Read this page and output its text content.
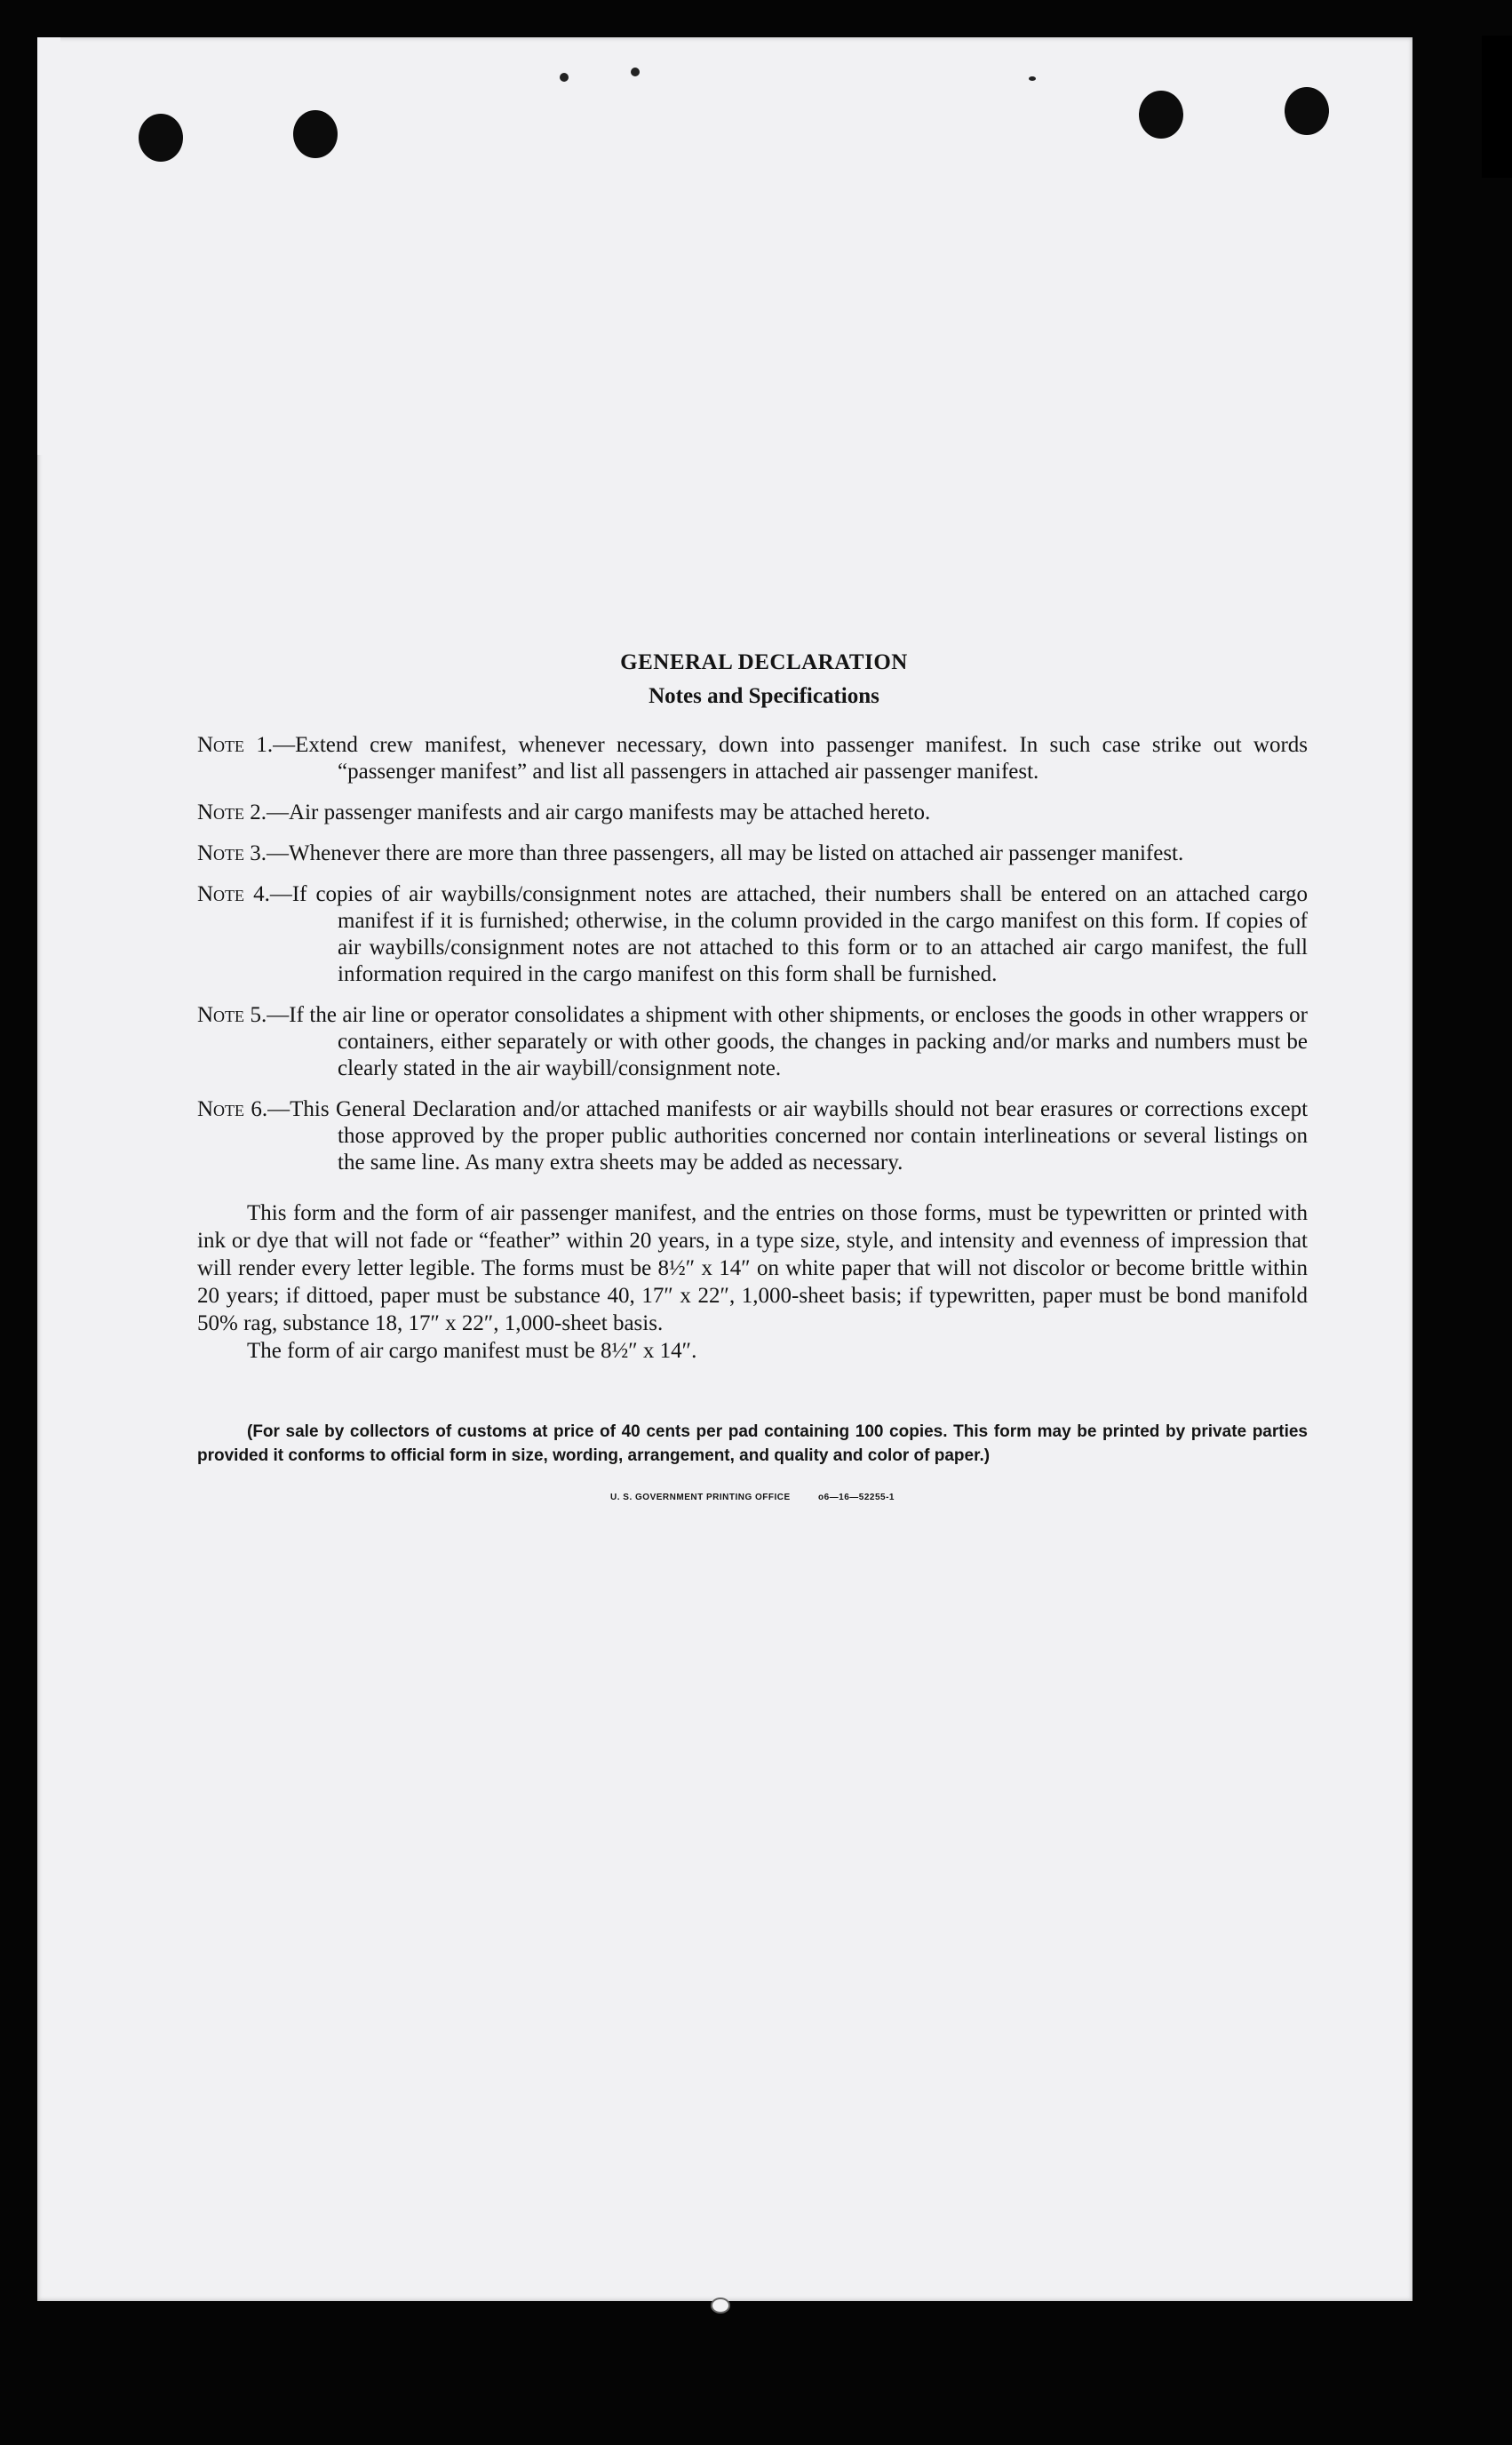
GENERAL DECLARATION
Notes and Specifications
Note 1.—Extend crew manifest, whenever necessary, down into passenger manifest. In such case strike out words “passenger manifest” and list all passengers in attached air passenger manifest.
Note 2.—Air passenger manifests and air cargo manifests may be attached hereto.
Note 3.—Whenever there are more than three passengers, all may be listed on attached air passenger manifest.
Note 4.—If copies of air waybills/consignment notes are attached, their numbers shall be entered on an attached cargo manifest if it is furnished; otherwise, in the column provided in the cargo manifest on this form. If copies of air waybills/consignment notes are not attached to this form or to an attached air cargo manifest, the full information required in the cargo manifest on this form shall be furnished.
Note 5.—If the air line or operator consolidates a shipment with other shipments, or encloses the goods in other wrappers or containers, either separately or with other goods, the changes in packing and/or marks and numbers must be clearly stated in the air waybill/consignment note.
Note 6.—This General Declaration and/or attached manifests or air waybills should not bear erasures or corrections except those approved by the proper public authorities concerned nor contain interlineations or several listings on the same line. As many extra sheets may be added as necessary.

This form and the form of air passenger manifest, and the entries on those forms, must be typewritten or printed with ink or dye that will not fade or “feather” within 20 years, in a type size, style, and intensity and evenness of impression that will render every letter legible. The forms must be 8½″ x 14″ on white paper that will not discolor or become brittle within 20 years; if dittoed, paper must be substance 40, 17″ x 22″, 1,000-sheet basis; if typewritten, paper must be bond manifold 50% rag, substance 18, 17″ x 22″, 1,000-sheet basis.

The form of air cargo manifest must be 8½″ x 14″.

(For sale by collectors of customs at price of 40 cents per pad containing 100 copies. This form may be printed by private parties provided it conforms to official form in size, wording, arrangement, and quality and color of paper.)

U. S. GOVERNMENT PRINTING OFFICE	o6—16—52255-1
